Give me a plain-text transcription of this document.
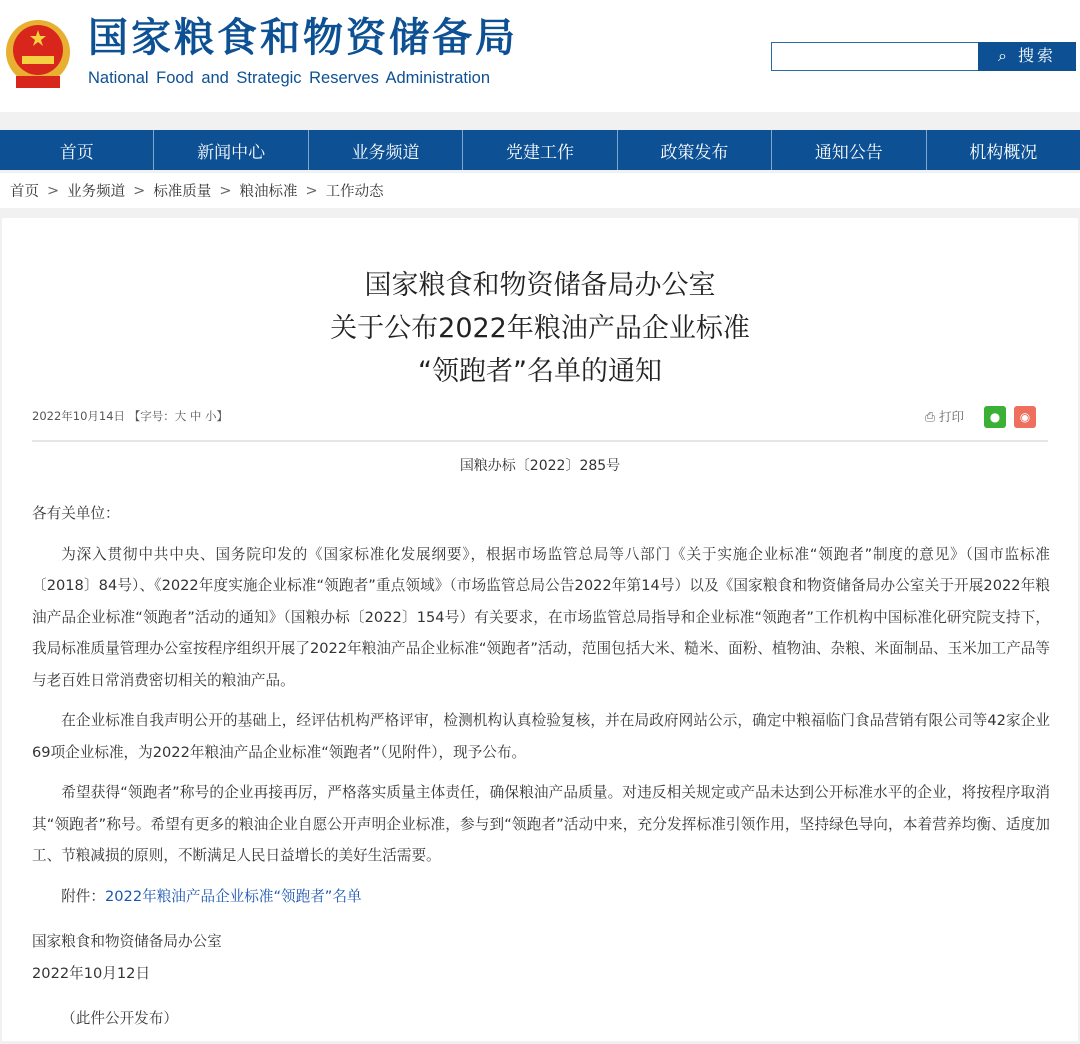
国家粮食和物资储备局
National Food and Strategic Reserves Administration
⌕ 搜索
首页	新闻中心	业务频道	党建工作	政策发布	通知公告	机构概况
首页 > 业务频道 > 标准质量 > 粮油标准 > 工作动态
国家粮食和物资储备局办公室
关于公布2022年粮油产品企业标准
“领跑者”名单的通知
2022年10月14日 【字号：大 中 小】	⎙ 打印	●	◉
国粮办标〔2022〕285号

各有关单位：

为深入贯彻中共中央、国务院印发的《国家标准化发展纲要》，根据市场监管总局等八部门《关于实施企业标准“领跑者”制度的意见》（国市监标准〔2018〕84号）、《2022年度实施企业标准“领跑者”重点领域》（市场监管总局公告2022年第14号）以及《国家粮食和物资储备局办公室关于开展2022年粮油产品企业标准“领跑者”活动的通知》（国粮办标〔2022〕154号）有关要求，在市场监管总局指导和企业标准“领跑者”工作机构中国标准化研究院支持下，我局标准质量管理办公室按程序组织开展了2022年粮油产品企业标准“领跑者”活动，范围包括大米、糙米、面粉、植物油、杂粮、米面制品、玉米加工产品等与老百姓日常消费密切相关的粮油产品。

在企业标准自我声明公开的基础上，经评估机构严格评审，检测机构认真检验复核，并在局政府网站公示，确定中粮福临门食品营销有限公司等42家企业69项企业标准，为2022年粮油产品企业标准“领跑者”（见附件），现予公布。

希望获得“领跑者”称号的企业再接再厉，严格落实质量主体责任，确保粮油产品质量。对违反相关规定或产品未达到公开标准水平的企业，将按程序取消其“领跑者”称号。希望有更多的粮油企业自愿公开声明企业标准，参与到“领跑者”活动中来，充分发挥标准引领作用，坚持绿色导向，本着营养均衡、适度加工、节粮减损的原则，不断满足人民日益增长的美好生活需要。

附件：2022年粮油产品企业标准“领跑者”名单

国家粮食和物资储备局办公室

2022年10月12日

（此件公开发布）
